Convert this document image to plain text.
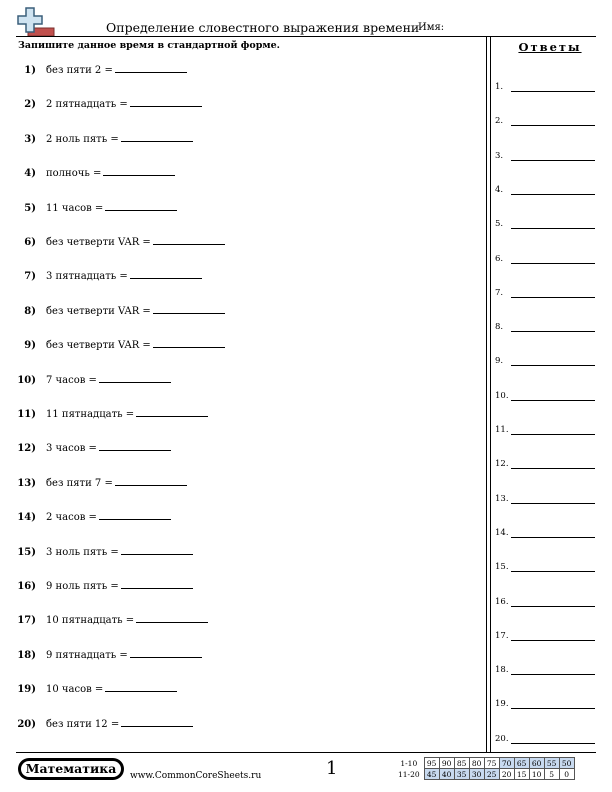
Определение словестного выражения времени
Имя:
Запишите данное время в стандартной форме.
1) без пяти 2 =
2) 2 пятнадцать =
3) 2 ноль пять =
4) полночь =
5) 11 часов =
6) без четверти VAR =
7) 3 пятнадцать =
8) без четверти VAR =
9) без четверти VAR =
10) 7 часов =
11) 11 пятнадцать =
12) 3 часов =
13) без пяти 7 =
14) 2 часов =
15) 3 ноль пять =
16) 9 ноль пять =
17) 10 пятнадцать =
18) 9 пятнадцать =
19) 10 часов =
20) без пяти 12 =
Ответы
1.
2.
3.
4.
5.
6.
7.
8.
9.
10.
11.
12.
13.
14.
15.
16.
17.
18.
19.
20.
Математика	www.CommonCoreSheets.ru	1	1-10	95	90	85	80	75	70	65	60	55	50
11-20	45	40	35	30	25	20	15	10	5	0
